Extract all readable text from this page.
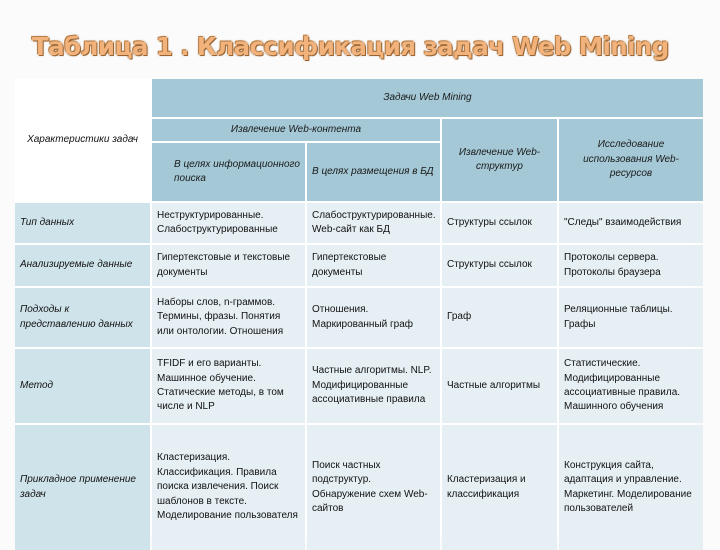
Таблица 1 . Классификация задач Web Mining
Характеристики задач
Задачи Web Mining
Извлечение Web-контента
В целях информационного поиска
В целях размещения в БД
Извлечение Web-структур
Исследование использования Web-ресурсов
Тип данных
Неструктурированные. Слабоструктурированные
Слабоструктурированные. Web-сайт как БД
Структуры ссылок	"Следы" взаимодействия
Анализируемые данные
Гипертекстовые и текстовые документы
Гипертекстовые документы
Структуры ссылок
Протоколы сервера. Протоколы браузера
Подходы к представлению данных
Наборы слов, n-граммов. Термины, фразы. Понятия или онтологии. Отношения
Отношения. Маркированный граф
Граф
Реляционные таблицы. Графы
Метод
TFIDF и его варианты. Машинное обучение. Статические методы, в том числе и NLP
Частные алгоритмы. NLP. Модифицированные ассоциативные правила
Частные алгоритмы
Статистические. Модифицированные ассоциативные правила. Машинного обучения
Прикладное применение задач
Кластеризация. Классификация. Правила поиска извлечения. Поиск шаблонов в тексте. Моделирование пользователя
Поиск частных подструктур. Обнаружение схем Web-сайтов
Кластеризация и классификация
Конструкция сайта, адаптация и управление. Маркетинг. Моделирование пользователей
